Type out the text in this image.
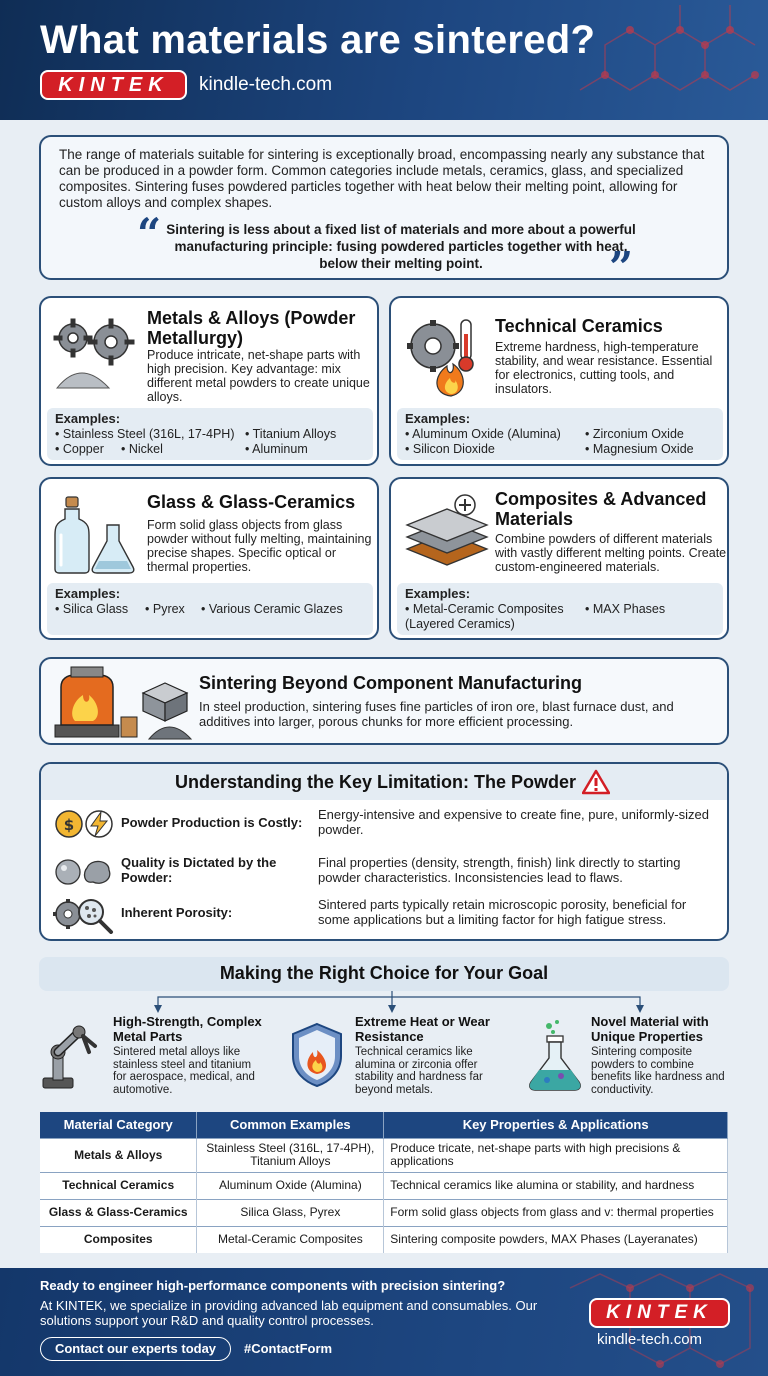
What materials are sintered?
KINTEK	kindle-tech.com
The range of materials suitable for sintering is exceptionally broad, encompassing nearly any substance that can be produced in a powder form. Common categories include metals, ceramics, glass, and specialized composites. Sintering fuses powdered particles together with heat below their melting point, allowing for custom alloys and complex shapes.
“ Sintering is less about a fixed list of materials and more about a powerful manufacturing principle: fusing powdered particles together with heat, below their melting point.	”
Metals & Alloys (Powder Metallurgy)
Produce intricate, net-shape parts with high precision. Key advantage: mix different metal powders to create unique alloys.
Examples:
• Stainless Steel (316L, 17-4PH) • Titanium Alloys
• Copper • Nickel	• Aluminum
Technical Ceramics
Extreme hardness, high-temperature stability, and wear resistance. Essential for electronics, cutting tools, and insulators.
Examples:
• Aluminum Oxide (Alumina) • Zirconium Oxide
• Silicon Dioxide	• Magnesium Oxide
Glass & Glass-Ceramics
Form solid glass objects from glass powder without fully melting, maintaining precise shapes. Specific optical or thermal properties.
Examples:
• Silica Glass • Pyrex • Various Ceramic Glazes
Composites & Advanced Materials
Combine powders of different materials with vastly different melting points. Create custom-engineered materials.
Examples:
• Metal-Ceramic Composites (Layered Ceramics)
• MAX Phases
Sintering Beyond Component Manufacturing
In steel production, sintering fuses fine particles of iron ore, blast furnace dust, and additives into larger, porous chunks for more efficient processing.
Understanding the Key Limitation: The Powder
$	Powder Production is Costly:
Energy-intensive and expensive to create fine, pure, uniformly-sized powder.
Quality is Dictated by the Powder:
Final properties (density, strength, finish) link directly to starting powder characteristics. Inconsistencies lead to flaws.
Inherent Porosity:
Sintered parts typically retain microscopic porosity, beneficial for some applications but a limiting factor for high fatigue stress.
Making the Right Choice for Your Goal
High-Strength, Complex Metal Parts
Sintered metal alloys like stainless steel and titanium for aerospace, medical, and automotive.
Extreme Heat or Wear Resistance
Technical ceramics like alumina or zirconia offer stability and hardness far beyond metals.
Novel Material with Unique Properties
Sintering composite powders to combine benefits like hardness and conductivity.
Material Category	Common Examples	Key Properties & Applications
Metals & Alloys	Stainless Steel (316L, 17-4PH), Titanium Alloys	Produce tricate, net-shape parts with high precisions & applications
Technical Ceramics	Aluminum Oxide (Alumina)	Technical ceramics like alumina or stability, and hardness
Glass & Glass-Ceramics	Silica Glass, Pyrex	Form solid glass objects from glass and v: thermal properties
Composites	Metal-Ceramic Composites	Sintering composite powders, MAX Phases (Layeranates)
Ready to engineer high-performance components with precision sintering?
At KINTEK, we specialize in providing advanced lab equipment and consumables. Our solutions support your R&D and quality control processes.
Contact our experts today	#ContactForm
KINTEK
kindle-tech.com
